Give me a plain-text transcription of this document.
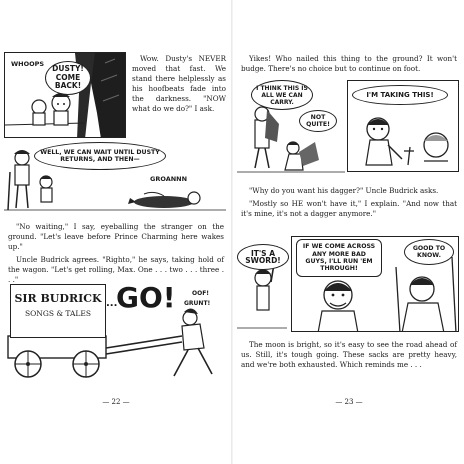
WHOOPS
DUSTY! COME BACK!

Wow. Dusty's NEVER moved that fast. We stand there helplessly as his hoofbeats fade into the darkness. "NOW what do we do?" I ask.

WELL, WE CAN WAIT UNTIL DUSTY RETURNS, AND THEN—
GROANNN

"No waiting," I say, eyeballing the stranger on the ground. "Let's leave before Prince Charming here wakes up."

Uncle Budrick agrees. "Righto," he says, taking hold of the wagon. "Let's get rolling, Max. One . . . two . . . three . . ."

SIR BUDRICK
SONGS & TALES
...
GO!	OOF!
GRUNT!
— 22 —

Yikes! Who nailed this thing to the ground? It won't budge. There's no choice but to continue on foot.

I THINK THIS IS ALL WE CAN CARRY.
NOT QUITE!
I'M TAKING THIS!

"Why do you want his dagger?" Uncle Budrick asks.

"Mostly so HE won't have it," I explain. "And now that it's mine, it's not a dagger anymore."

IT'S A SWORD!
IF WE COME ACROSS ANY MORE BAD GUYS, I'LL RUN 'EM THROUGH!
GOOD TO KNOW.

The moon is bright, so it's easy to see the road ahead of us. Still, it's tough going. These sacks are pretty heavy, and we're both exhausted. Which reminds me . . .

— 23 —
